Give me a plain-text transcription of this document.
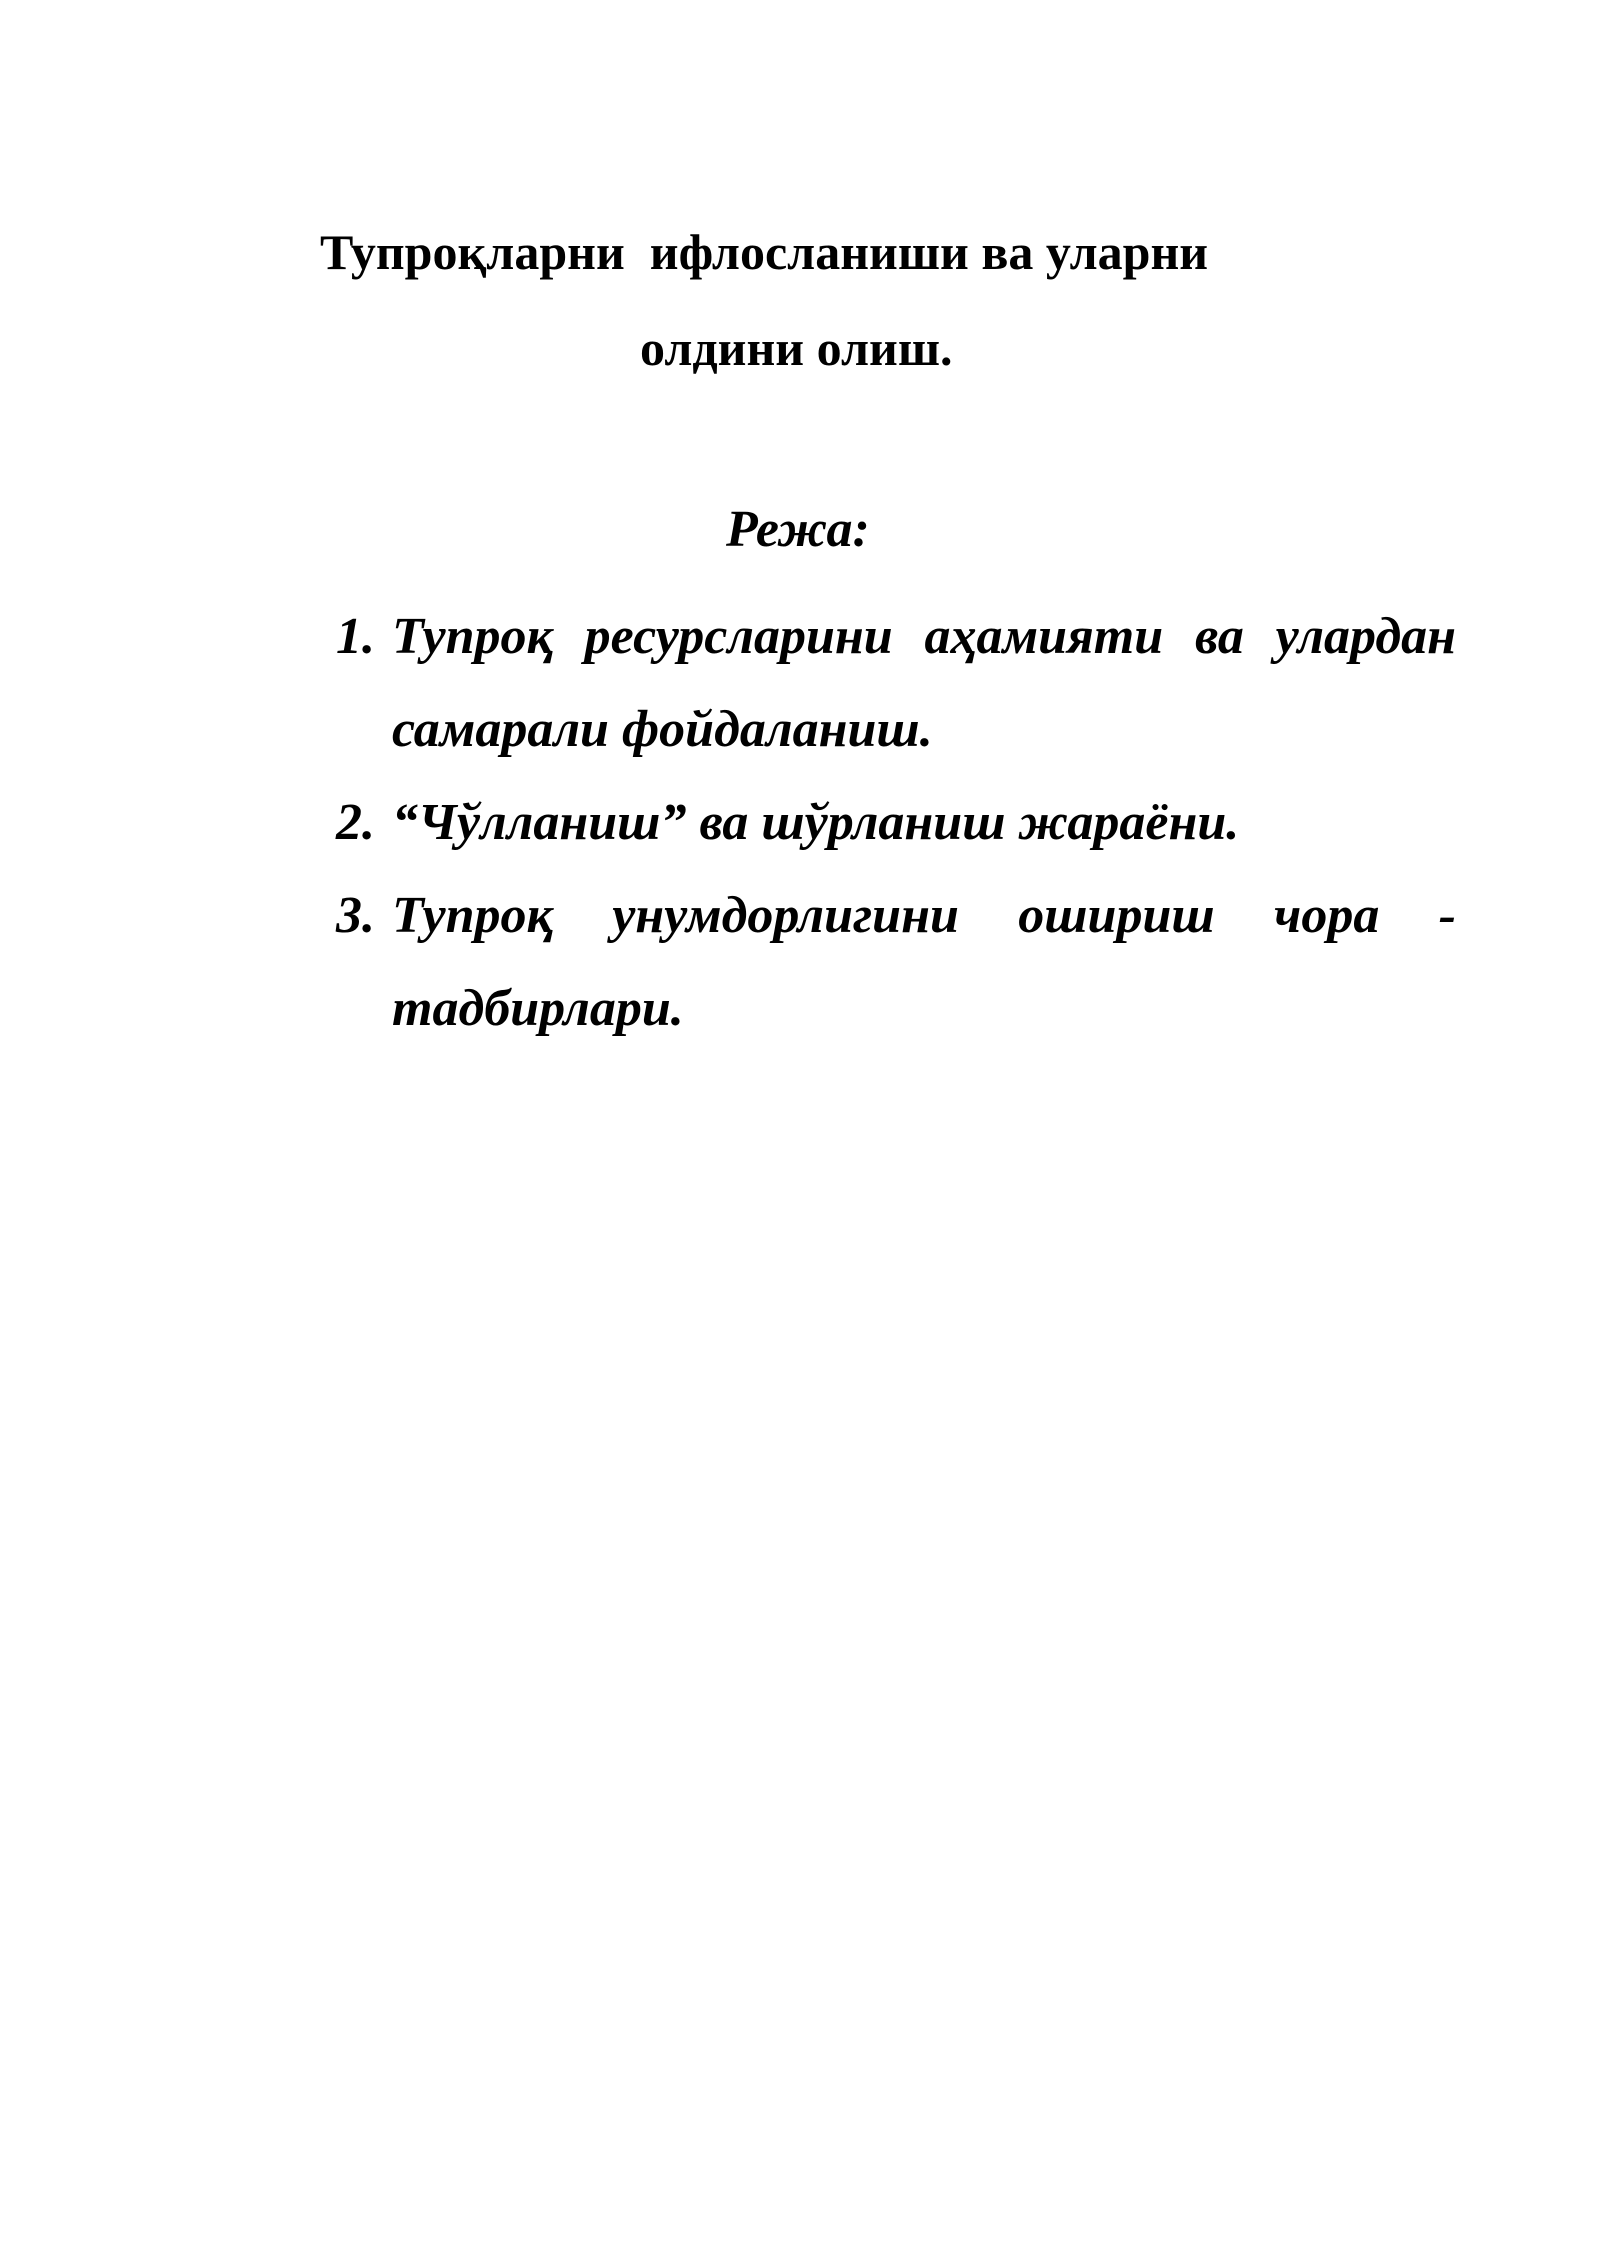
Тупроқларни  ифлосланиши ва уларни
олдини олиш.
Режа:
1. Тупроқ ресурсларини аҳамияти ва улардан самарали фойдаланиш.
2. “Чўлланиш” ва шўрланиш жараёни.
3. Тупроқ унумдорлигини ошириш чора - тадбирлари.
